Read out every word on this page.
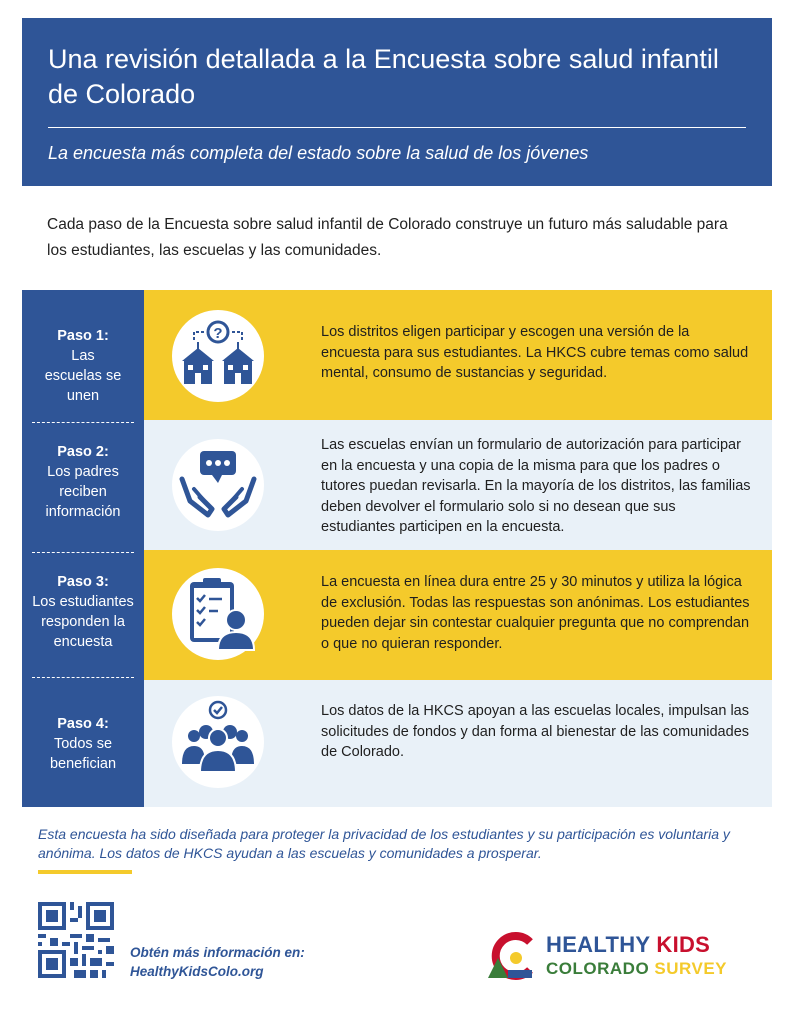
Una revisión detallada a la Encuesta sobre salud infantil de Colorado
La encuesta más completa del estado sobre la salud de los jóvenes
Cada paso de la Encuesta sobre salud infantil de Colorado construye un futuro más saludable para los estudiantes, las escuelas y las comunidades.
Paso 1:
Las escuelas se unen
?	Los distritos eligen participar y escogen una versión de la encuesta para sus estudiantes. La HKCS cubre temas como salud mental, consumo de sustancias y seguridad.
Paso 2:
Los padres reciben información
Las escuelas envían un formulario de autorización para participar en la encuesta y una copia de la misma para que los padres o tutores puedan revisarla. En la mayoría de los distritos, las familias deben devolver el formulario solo si no desean que sus estudiantes participen en la encuesta.
Paso 3:
Los estudiantes responden la encuesta
La encuesta en línea dura entre 25 y 30 minutos y utiliza la lógica de exclusión. Todas las respuestas son anónimas. Los estudiantes pueden dejar sin contestar cualquier pregunta que no comprendan o que no quieran responder.
Paso 4:
Todos se benefician
Los datos de la HKCS apoyan a las escuelas locales, impulsan las solicitudes de fondos y dan forma al bienestar de las comunidades de Colorado.
Esta encuesta ha sido diseñada para proteger la privacidad de los estudiantes y su participación es voluntaria y anónima. Los datos de HKCS ayudan a las escuelas y comunidades a prosperar.
Obtén más información en:
HealthyKidsColo.org
HEALTHY KIDS
COLORADO SURVEY
